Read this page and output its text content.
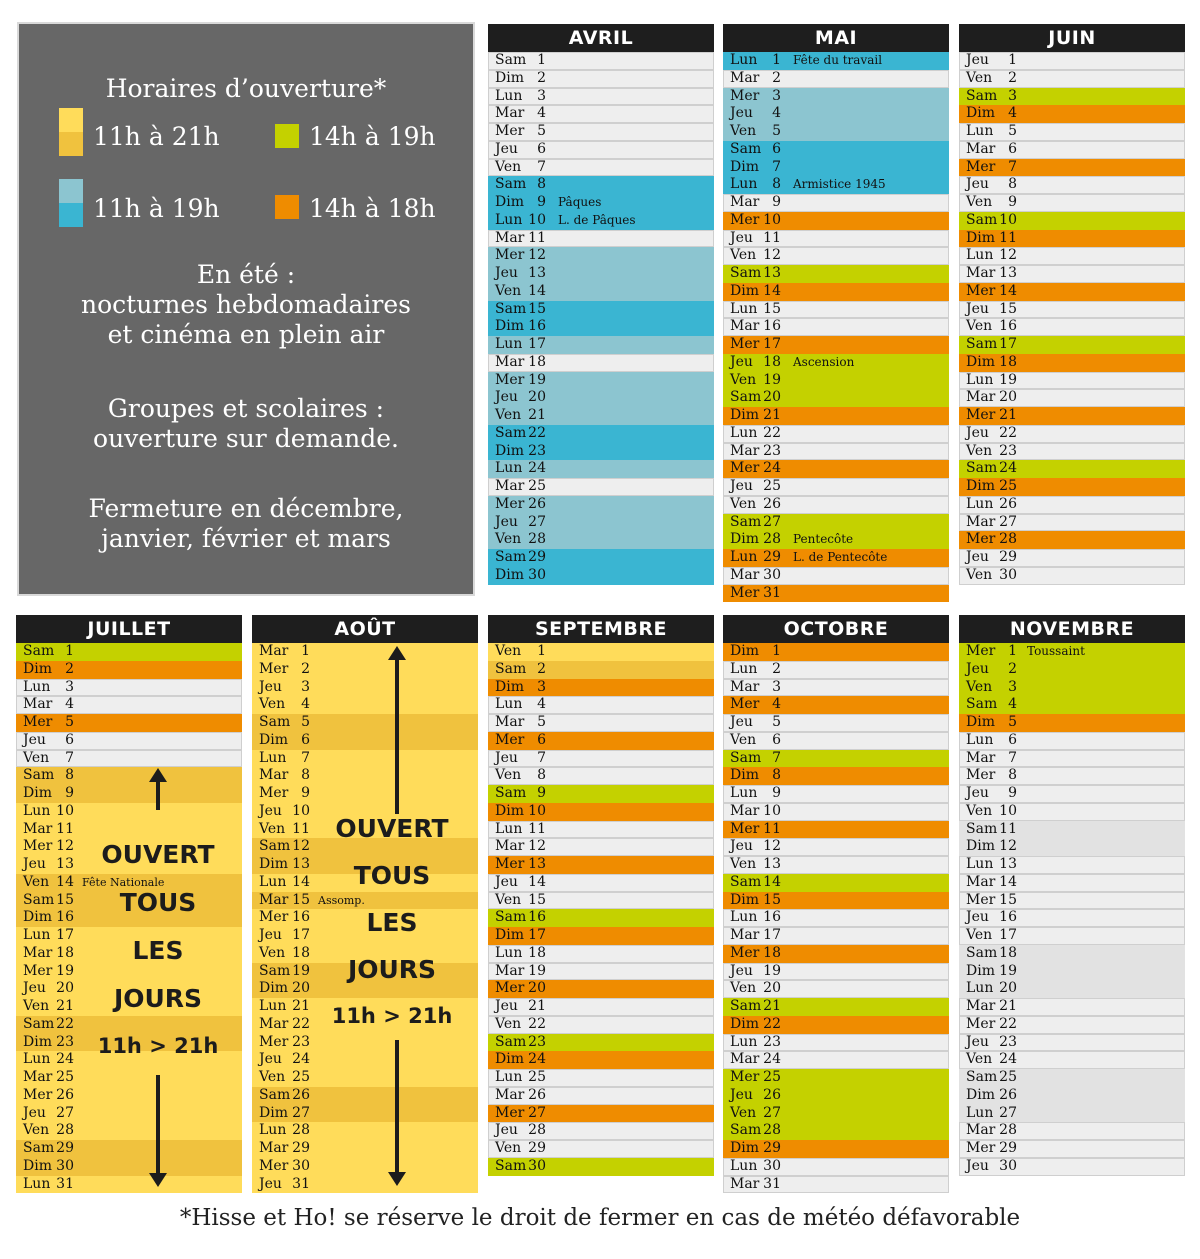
Horaires d’ouverture*
11h à 21h	14h à 19h
11h à 19h	14h à 18h
En été :
nocturnes hebdomadaires
et cinéma en plein air
Groupes et scolaires :
ouverture sur demande.
Fermeture en décembre,
janvier, février et mars
AVRIL
Sam 1
Dim 2
Lun	3
Mar 4
Mer 5
Jeu	6
Ven	7
Sam 8
Dim 9 Pâques
Lun 10 L. de Pâques
Mar 11
Mer 12
Jeu 13
Ven 14
Sam 15
Dim 16
Lun 17
Mar 18
Mer 19
Jeu 20
Ven 21
Sam 22
Dim 23
Lun 24
Mar 25
Mer 26
Jeu 27
Ven 28
Sam 29
Dim 30
MAI
Lun	1 Fête du travail
Mar 2
Mer 3
Jeu	4
Ven	5
Sam 6
Dim 7
Lun	8 Armistice 1945
Mar 9
Mer 10
Jeu 11
Ven 12
Sam 13
Dim 14
Lun 15
Mar 16
Mer 17
Jeu 18 Ascension
Ven 19
Sam 20
Dim 21
Lun 22
Mar 23
Mer 24
Jeu 25
Ven 26
Sam 27
Dim 28 Pentecôte
Lun 29 L. de Pentecôte
Mar 30
Mer 31
JUIN
Jeu	1
Ven	2
Sam 3
Dim 4
Lun	5
Mar 6
Mer 7
Jeu	8
Ven	9
Sam 10
Dim 11
Lun 12
Mar 13
Mer 14
Jeu 15
Ven 16
Sam 17
Dim 18
Lun 19
Mar 20
Mer 21
Jeu 22
Ven 23
Sam 24
Dim 25
Lun 26
Mar 27
Mer 28
Jeu 29
Ven 30
JUILLET
Sam 1
Dim 2
Lun	3
Mar 4
Mer 5
Jeu	6
Ven	7
Sam 8
Dim 9
Lun 10
Mar 11
Mer 12
Jeu 13
Ven 14 Fête Nationale
Sam 15
Dim 16
Lun 17
Mar 18
Mer 19
Jeu 20
Ven 21
Sam 22
Dim 23
Lun 24
Mar 25
Mer 26
Jeu 27
Ven 28
Sam 29
Dim 30
Lun 31
AOÛT
Mar 1
Mer 2
Jeu	3
Ven	4
Sam 5
Dim 6
Lun	7
Mar 8
Mer 9
Jeu 10
Ven 11
Sam 12
Dim 13
Lun 14
Mar 15 Assomp.
Mer 16
Jeu 17
Ven 18
Sam 19
Dim 20
Lun 21
Mar 22
Mer 23
Jeu 24
Ven 25
Sam 26
Dim 27
Lun 28
Mar 29
Mer 30
Jeu 31
SEPTEMBRE
Ven	1
Sam 2
Dim 3
Lun	4
Mar 5
Mer 6
Jeu	7
Ven	8
Sam 9
Dim 10
Lun 11
Mar 12
Mer 13
Jeu 14
Ven 15
Sam 16
Dim 17
Lun 18
Mar 19
Mer 20
Jeu 21
Ven 22
Sam 23
Dim 24
Lun 25
Mar 26
Mer 27
Jeu 28
Ven 29
Sam 30
OCTOBRE
Dim 1
Lun	2
Mar 3
Mer 4
Jeu	5
Ven	6
Sam 7
Dim 8
Lun	9
Mar 10
Mer 11
Jeu 12
Ven 13
Sam 14
Dim 15
Lun 16
Mar 17
Mer 18
Jeu 19
Ven 20
Sam 21
Dim 22
Lun 23
Mar 24
Mer 25
Jeu 26
Ven 27
Sam 28
Dim 29
Lun 30
Mar 31
NOVEMBRE
Mer 1 Toussaint
Jeu	2
Ven	3
Sam 4
Dim 5
Lun	6
Mar 7
Mer 8
Jeu	9
Ven 10
Sam 11
Dim 12
Lun 13
Mar 14
Mer 15
Jeu 16
Ven 17
Sam 18
Dim 19
Lun 20
Mar 21
Mer 22
Jeu 23
Ven 24
Sam 25
Dim 26
Lun 27
Mar 28
Mer 29
Jeu 30
OUVERT
TOUS
LES
JOURS
11h > 21h
OUVERT
TOUS
LES
JOURS
11h > 21h
*Hisse et Ho! se réserve le droit de fermer en cas de météo défavorable
